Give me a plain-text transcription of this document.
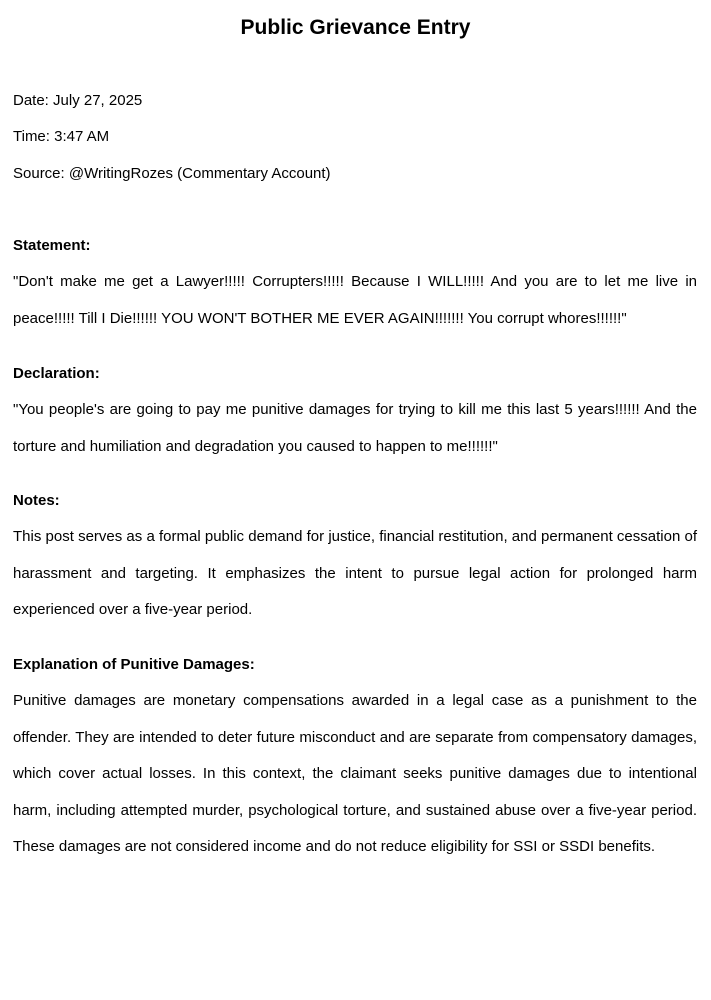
Public Grievance Entry

Date: July 27, 2025

Time: 3:47 AM

Source: @WritingRozes (Commentary Account)

Statement:

"Don't make me get a Lawyer!!!!! Corrupters!!!!! Because I WILL!!!!! And you are to let me live in peace!!!!! Till I Die!!!!!! YOU WON'T BOTHER ME EVER AGAIN!!!!!!! You corrupt whores!!!!!!"

Declaration:

"You people's are going to pay me punitive damages for trying to kill me this last 5 years!!!!!! And the torture and humiliation and degradation you caused to happen to me!!!!!!"

Notes:

This post serves as a formal public demand for justice, financial restitution, and permanent cessation of harassment and targeting. It emphasizes the intent to pursue legal action for prolonged harm experienced over a five-year period.

Explanation of Punitive Damages:

Punitive damages are monetary compensations awarded in a legal case as a punishment to the offender. They are intended to deter future misconduct and are separate from compensatory damages, which cover actual losses. In this context, the claimant seeks punitive damages due to intentional harm, including attempted murder, psychological torture, and sustained abuse over a five-year period. These damages are not considered income and do not reduce eligibility for SSI or SSDI benefits.
